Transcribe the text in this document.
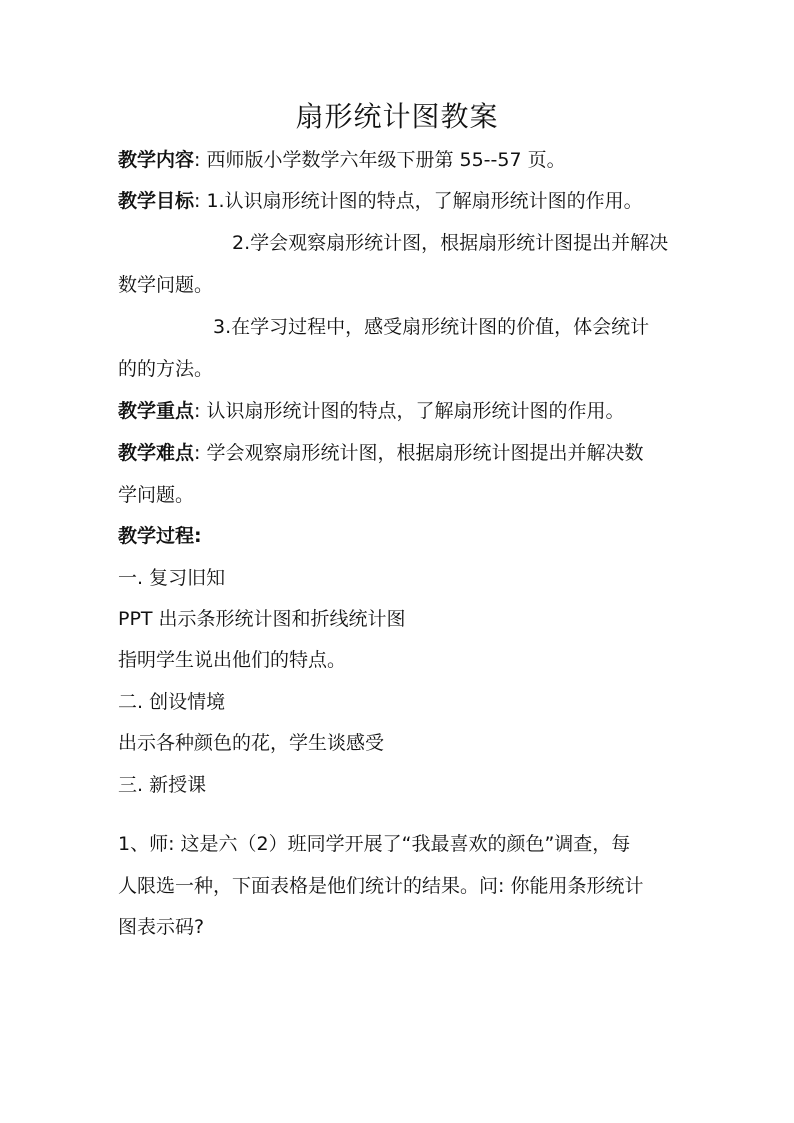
扇形统计图教案
教学内容: 西师版小学数学六年级下册第 55--57 页。
教学目标: 1.认识扇形统计图的特点，了解扇形统计图的作用。
2.学会观察扇形统计图，根据扇形统计图提出并解决
数学问题。
3.在学习过程中，感受扇形统计图的价值，体会统计
的的方法。
教学重点: 认识扇形统计图的特点，了解扇形统计图的作用。
教学难点: 学会观察扇形统计图，根据扇形统计图提出并解决数
学问题。
教学过程:
一. 复习旧知
PPT 出示条形统计图和折线统计图
指明学生说出他们的特点。
二. 创设情境
出示各种颜色的花，学生谈感受
三. 新授课
1、师: 这是六（2）班同学开展了“我最喜欢的颜色”调查，每
人限选一种，下面表格是他们统计的结果。问: 你能用条形统计
图表示码?
